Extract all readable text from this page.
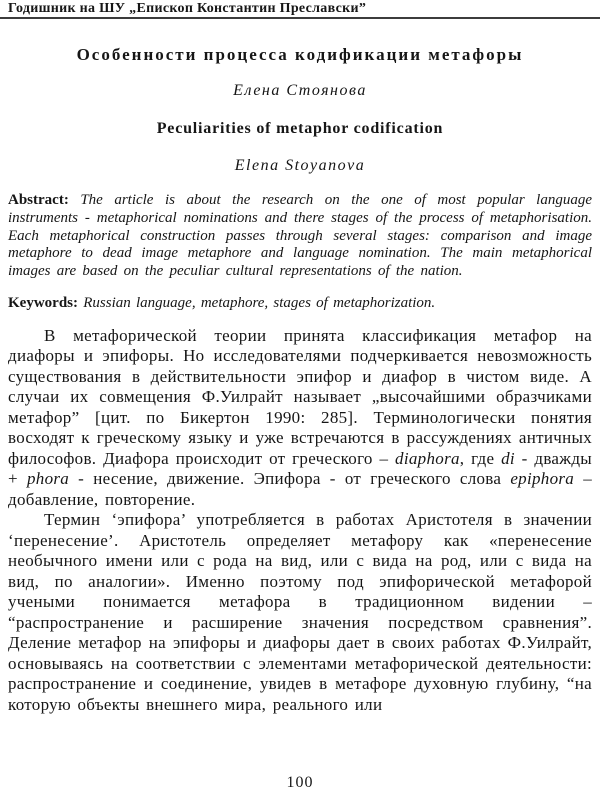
Годишник на ШУ „Епископ Константин Преславски”
Особенности процесса кодификации метафоры

Елена Стоянова

Peculiarities of metaphor codification

Elena Stoyanova

Abstract: The article is about the research on the one of most popular language instruments - metaphorical nominations and there stages of the process of metaphorisation. Each metaphorical construction passes through several stages: comparison and image metaphore to dead image metaphore and language nomination. The main metaphorical images are based on the peculiar cultural representations of the nation.

Keywords: Russian language, metaphore, stages of metaphorization.

В метафорической теории принята классификация метафор на диафоры и эпифоры. Но исследователями подчеркивается невозможность существования в действительности эпифор и диафор в чистом виде. А случаи их совмещения Ф.Уилрайт называет „высочайшими образчиками метафор” [цит. по Бикертон 1990: 285]. Терминологически понятия восходят к греческому языку и уже встречаются в рассуждениях античных философов. Диафора происходит от греческого – diaphora, где di - дважды + phora - несение, движение. Эпифора - от греческого слова epiphora – добавление, повторение.

Термин ‘эпифора’ употребляется в работах Аристотеля в значении ‘перенесение’. Аристотель определяет метафору как «перенесение необычного имени или с рода на вид, или с вида на род, или с вида на вид, по аналогии». Именно поэтому под эпифорической метафорой учеными понимается метафора в традиционном видении – “распространение и расширение значения посредством сравнения”. Деление метафор на эпифоры и диафоры дает в своих работах Ф.Уилрайт, основываясь на соответствии с элементами метафорической деятельности: распространение и соединение, увидев в метафоре духовную глубину, “на которую объекты внешнего мира, реального или

100
